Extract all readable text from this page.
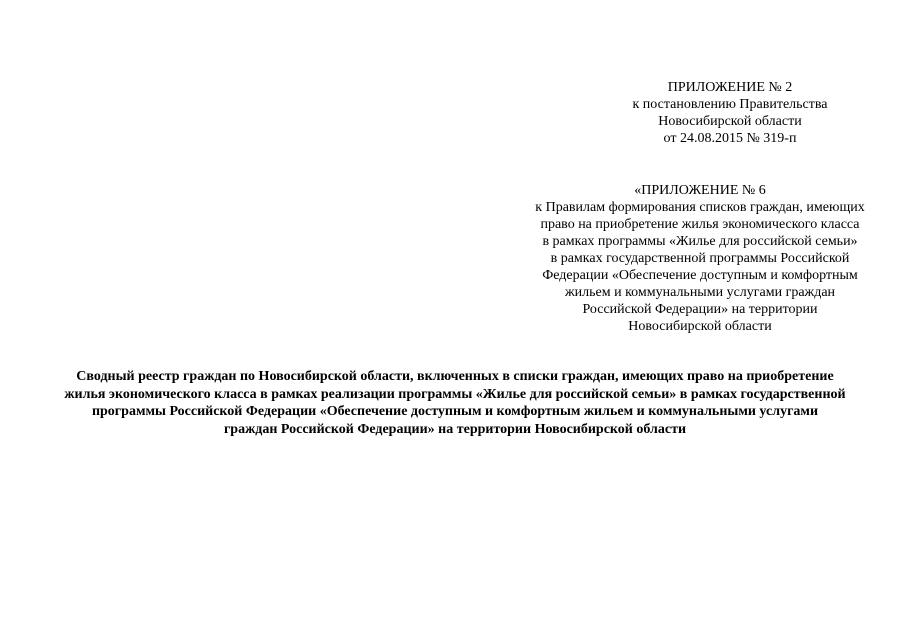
ПРИЛОЖЕНИЕ № 2
к постановлению Правительства
Новосибирской области
от 24.08.2015 № 319-п
«ПРИЛОЖЕНИЕ № 6
к Правилам формирования списков граждан, имеющих
право на приобретение жилья экономического класса
в рамках программы «Жилье для российской семьи»
в рамках государственной программы Российской
Федерации «Обеспечение доступным и комфортным
жильем и коммунальными услугами граждан
Российской Федерации» на территории
Новосибирской области
Сводный реестр граждан по Новосибирской области, включенных в списки граждан, имеющих право на приобретение
жилья экономического класса в рамках реализации программы «Жилье для российской семьи» в рамках государственной
программы Российской Федерации «Обеспечение доступным и комфортным жильем и коммунальными услугами
граждан Российской Федерации» на территории Новосибирской области
